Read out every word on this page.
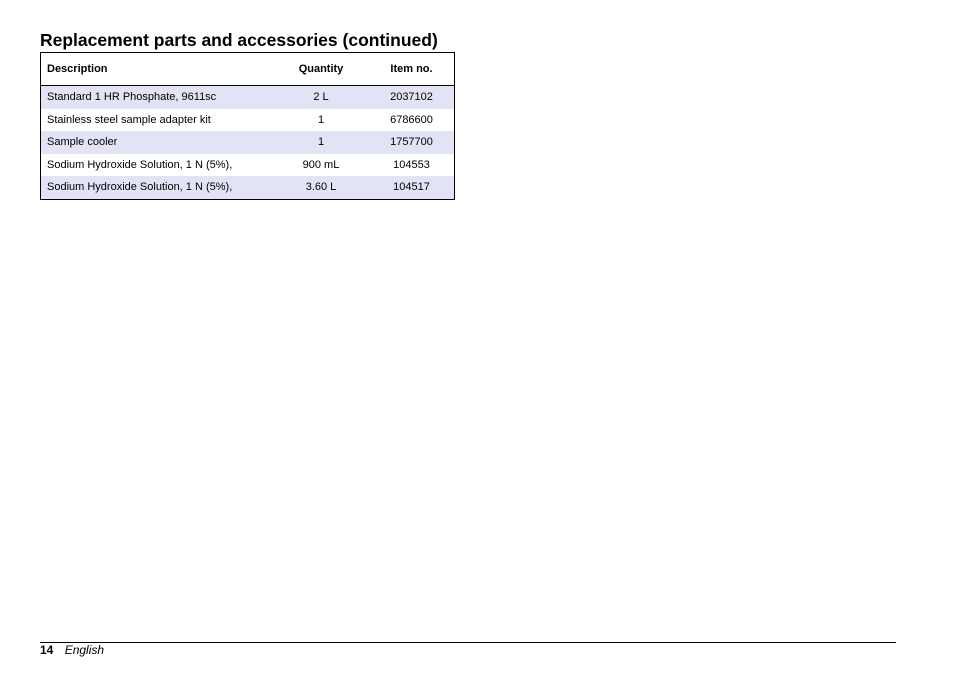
Replacement parts and accessories (continued)
Description	Quantity	Item no.
Standard 1 HR Phosphate, 9611sc	2 L	2037102
Stainless steel sample adapter kit	1	6786600
Sample cooler	1	1757700
Sodium Hydroxide Solution, 1 N (5%),	900 mL	104553
Sodium Hydroxide Solution, 1 N (5%),	3.60 L	104517
14 English
